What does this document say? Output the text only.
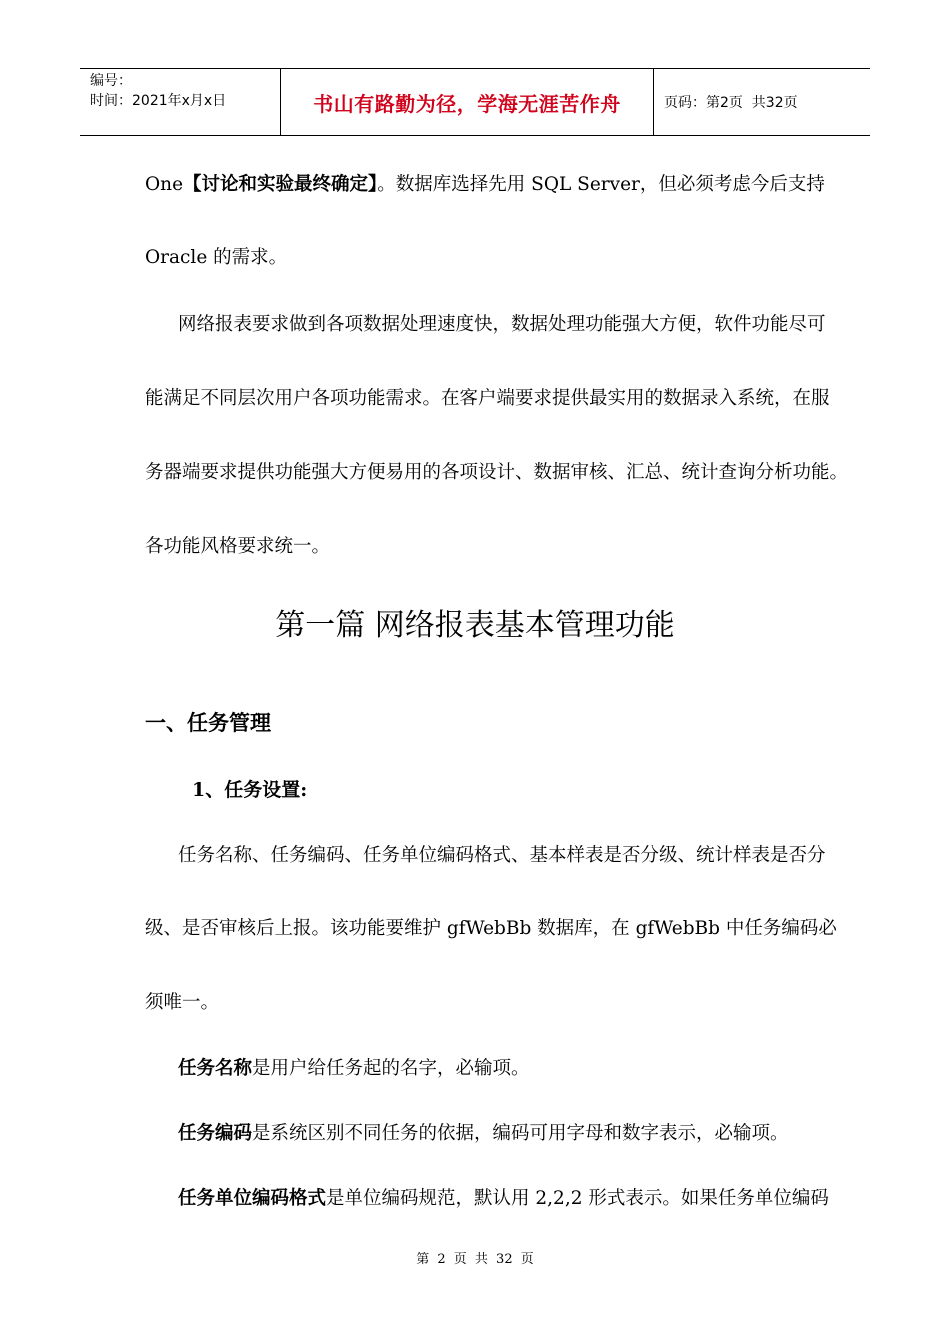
编号：
时间：2021年x月x日	书山有路勤为径，学海无涯苦作舟	页码：第2页  共32页
One【讨论和实验最终确定】。数据库选择先用 SQL Server，但必须考虑今后支持
Oracle 的需求。
网络报表要求做到各项数据处理速度快，数据处理功能强大方便，软件功能尽可
能满足不同层次用户各项功能需求。在客户端要求提供最实用的数据录入系统，在服
务器端要求提供功能强大方便易用的各项设计、数据审核、汇总、统计查询分析功能。
各功能风格要求统一。
第一篇 网络报表基本管理功能
一、任务管理
1、任务设置:
任务名称、任务编码、任务单位编码格式、基本样表是否分级、统计样表是否分
级、是否审核后上报。该功能要维护 gfWebBb 数据库，在 gfWebBb 中任务编码必
须唯一。
任务名称是用户给任务起的名字，必输项。
任务编码是系统区别不同任务的依据，编码可用字母和数字表示，必输项。
任务单位编码格式是单位编码规范，默认用 2,2,2 形式表示。如果任务单位编码
第 2 页 共 32 页
